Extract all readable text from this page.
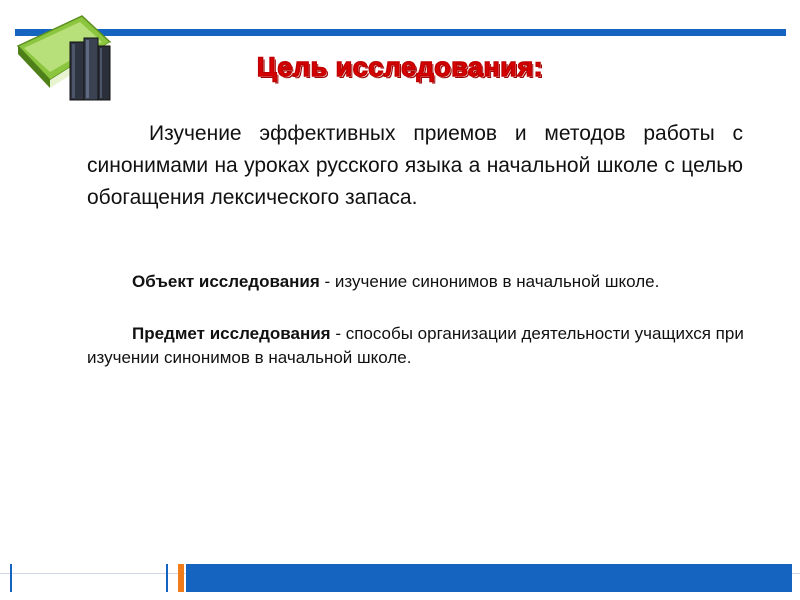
Цель исследования:

Изучение эффективных приемов и методов работы с синонимами на уроках русского языка а начальной школе с целью обогащения лексического запаса.

Объект исследования - изучение синонимов в начальной школе.

Предмет исследования - способы организации деятельности учащихся при изучении синонимов в начальной школе.
